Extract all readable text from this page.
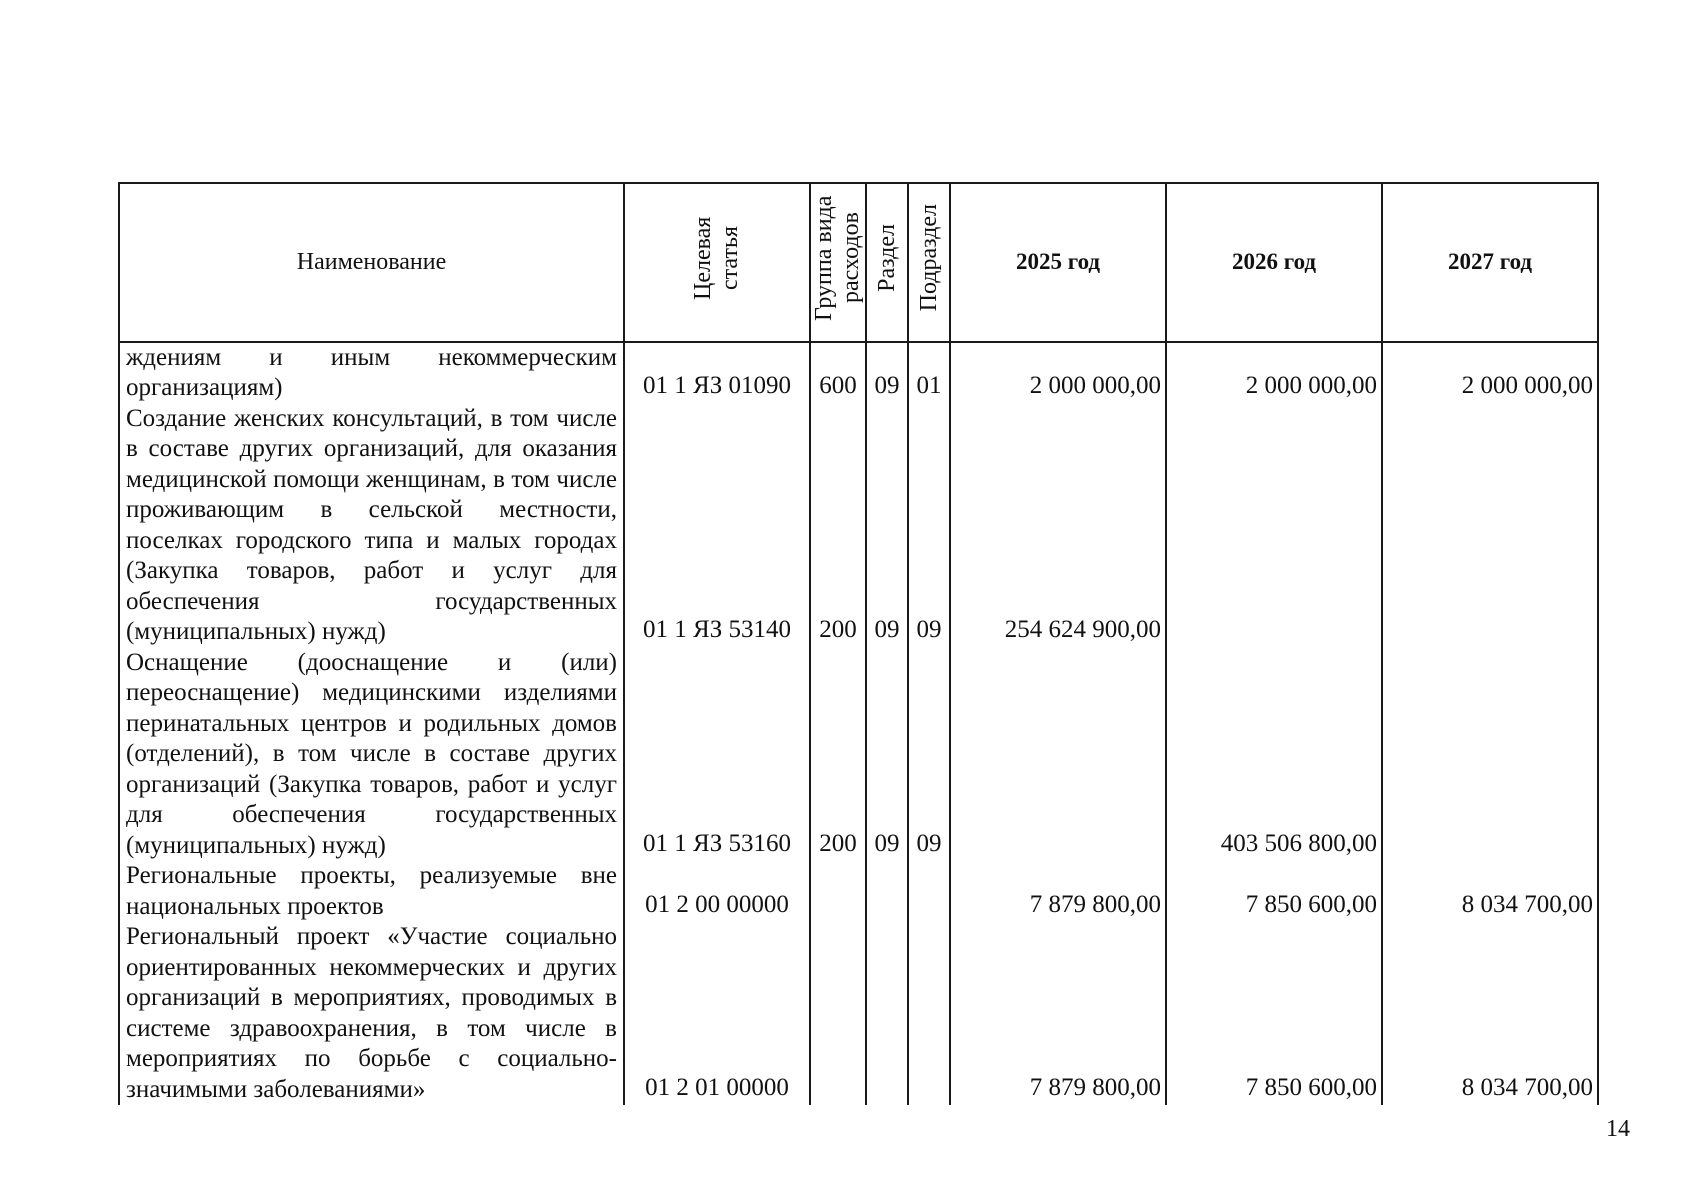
Наименование	Целевая статья	Группа вида расходов	Раздел	Подраздел	2025 год	2026 год	2027 год
ждениям и иным некоммерческим организациям)	01 1 ЯЗ 01090	600	09	01	2 000 000,00	2 000 000,00	2 000 000,00
Создание женских консультаций, в том числе в составе других организаций, для оказания медицинской помощи женщинам, в том числе проживающим в сельской местности, поселках городского типа и малых городах (Закупка товаров, работ и услуг для обеспечения государственных (муниципальных) нужд)	01 1 ЯЗ 53140	200	09	09	254 624 900,00		
Оснащение (дооснащение и (или) переоснащение) медицинскими изделиями перинатальных центров и родильных домов (отделений), в том числе в составе других организаций (Закупка товаров, работ и услуг для обеспечения государственных (муниципальных) нужд)	01 1 ЯЗ 53160	200	09	09		403 506 800,00	
Региональные проекты, реализуемые вне национальных проектов	01 2 00 00000				7 879 800,00	7 850 600,00	8 034 700,00
Региональный проект «Участие социально ориентированных некоммерческих и других организаций в мероприятиях, проводимых в системе здравоохранения, в том числе в мероприятиях по борьбе с социально-значимыми заболеваниями»	01 2 01 00000				7 879 800,00	7 850 600,00	8 034 700,00
14
